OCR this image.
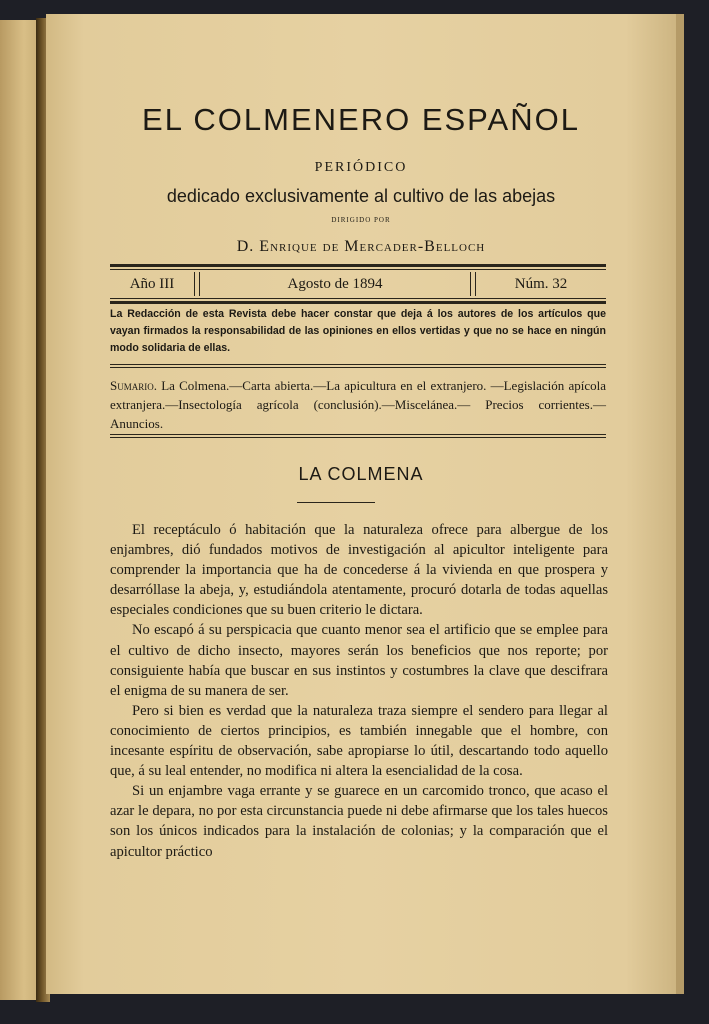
EL COLMENERO ESPAÑOL
PERIÓDICO
dedicado exclusivamente al cultivo de las abejas
DIRIGIDO POR
D. Enrique de Mercader-Belloch
Año III	Agosto de 1894	Núm. 32
La Redacción de esta Revista debe hacer constar que deja á los autores de los artículos que vayan firmados la responsabilidad de las opiniones en ellos vertidas y que no se hace en ningún modo solidaria de ellas.
Sumario. La Colmena.—Carta abierta.—La apicultura en el extranjero. —Legislación apícola extranjera.—Insectología agrícola (conclusión).—Miscelánea.— Precios corrientes.—Anuncios.
LA COLMENA

El receptáculo ó habitación que la naturaleza ofrece para albergue de los enjambres, dió fundados motivos de investigación al apicultor inteligente para comprender la importancia que ha de concederse á la vivienda en que prospera y desarróllase la abeja, y, estudiándola atentamente, procuró dotarla de todas aquellas especiales condiciones que su buen criterio le dictara.

No escapó á su perspicacia que cuanto menor sea el artificio que se emplee para el cultivo de dicho insecto, mayores serán los beneficios que nos reporte; por consiguiente había que buscar en sus instintos y costumbres la clave que descifrara el enigma de su manera de ser.

Pero si bien es verdad que la naturaleza traza siempre el sendero para llegar al conocimiento de ciertos principios, es también innegable que el hombre, con incesante espíritu de observación, sabe apropiarse lo útil, descartando todo aquello que, á su leal entender, no modifica ni altera la esencialidad de la cosa.

Si un enjambre vaga errante y se guarece en un carcomido tronco, que acaso el azar le depara, no por esta circunstancia puede ni debe afirmarse que los tales huecos son los únicos indicados para la instalación de colonias; y la comparación que el apicultor práctico
